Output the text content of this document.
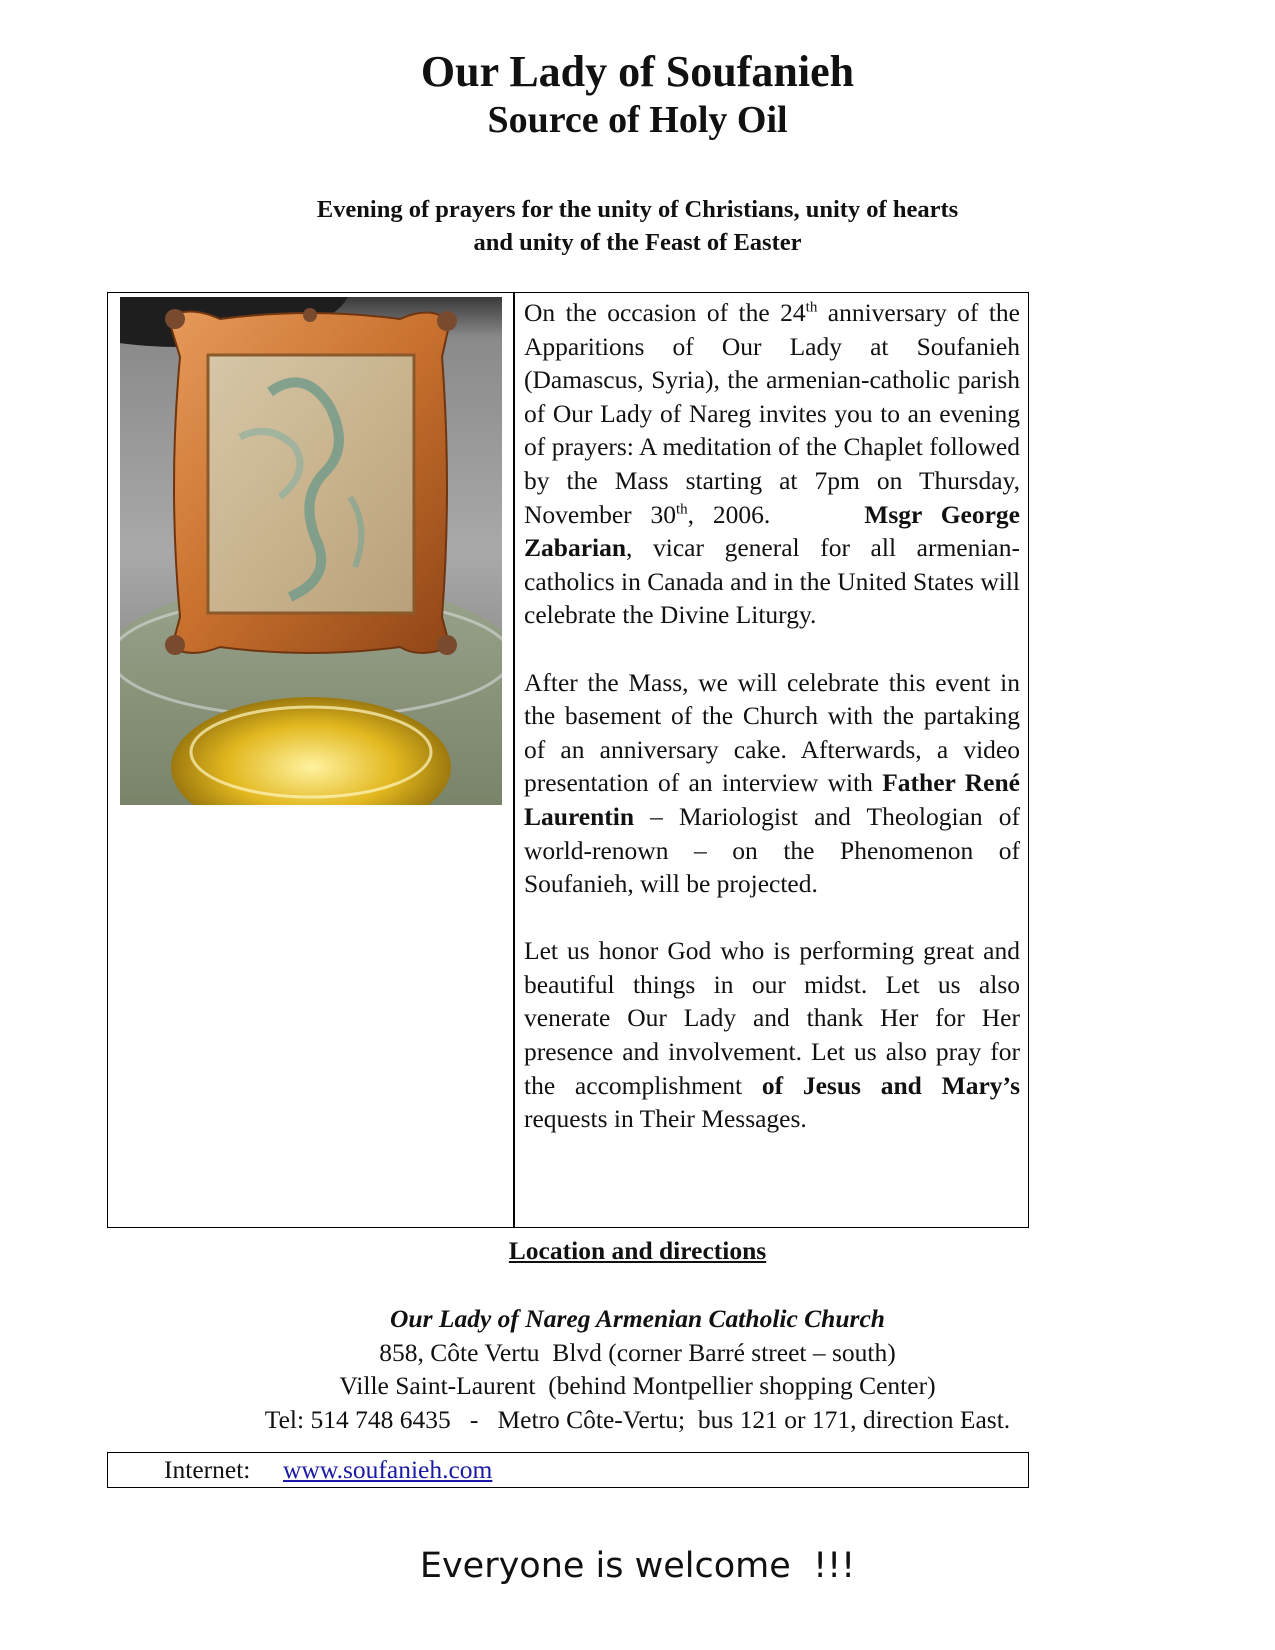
Our Lady of Soufanieh
Source of Holy Oil
Evening of prayers for the unity of Christians, unity of hearts
and unity of the Feast of Easter

On the occasion of the 24th anniversary of the Apparitions of Our Lady at Soufanieh (Damascus, Syria), the armenian-catholic parish of Our Lady of Nareg invites you to an evening of prayers: A meditation of the Chaplet followed by the Mass starting at 7pm on Thursday, November 30th, 2006.     Msgr George Zabarian, vicar general for all armenian-catholics in Canada and in the United States will celebrate the Divine Liturgy.

After the Mass, we will celebrate this event in the basement of the Church with the partaking of an anniversary cake. Afterwards, a video presentation of an interview with Father René Laurentin – Mariologist and Theologian of world-renown – on the Phenomenon of Soufanieh, will be projected.

Let us honor God who is performing great and beautiful things in our midst. Let us also venerate Our Lady and thank Her for Her presence and involvement. Let us also pray for the accomplishment of Jesus and Mary’s requests in Their Messages.

Location and directions
Our Lady of Nareg Armenian Catholic Church
858, Côte Vertu  Blvd (corner Barré street – south)
Ville Saint-Laurent  (behind Montpellier shopping Center)
Tel: 514 748 6435   -   Metro Côte-Vertu;  bus 121 or 171, direction East.
Internet: www.soufanieh.com
Everyone is welcome  !!!
